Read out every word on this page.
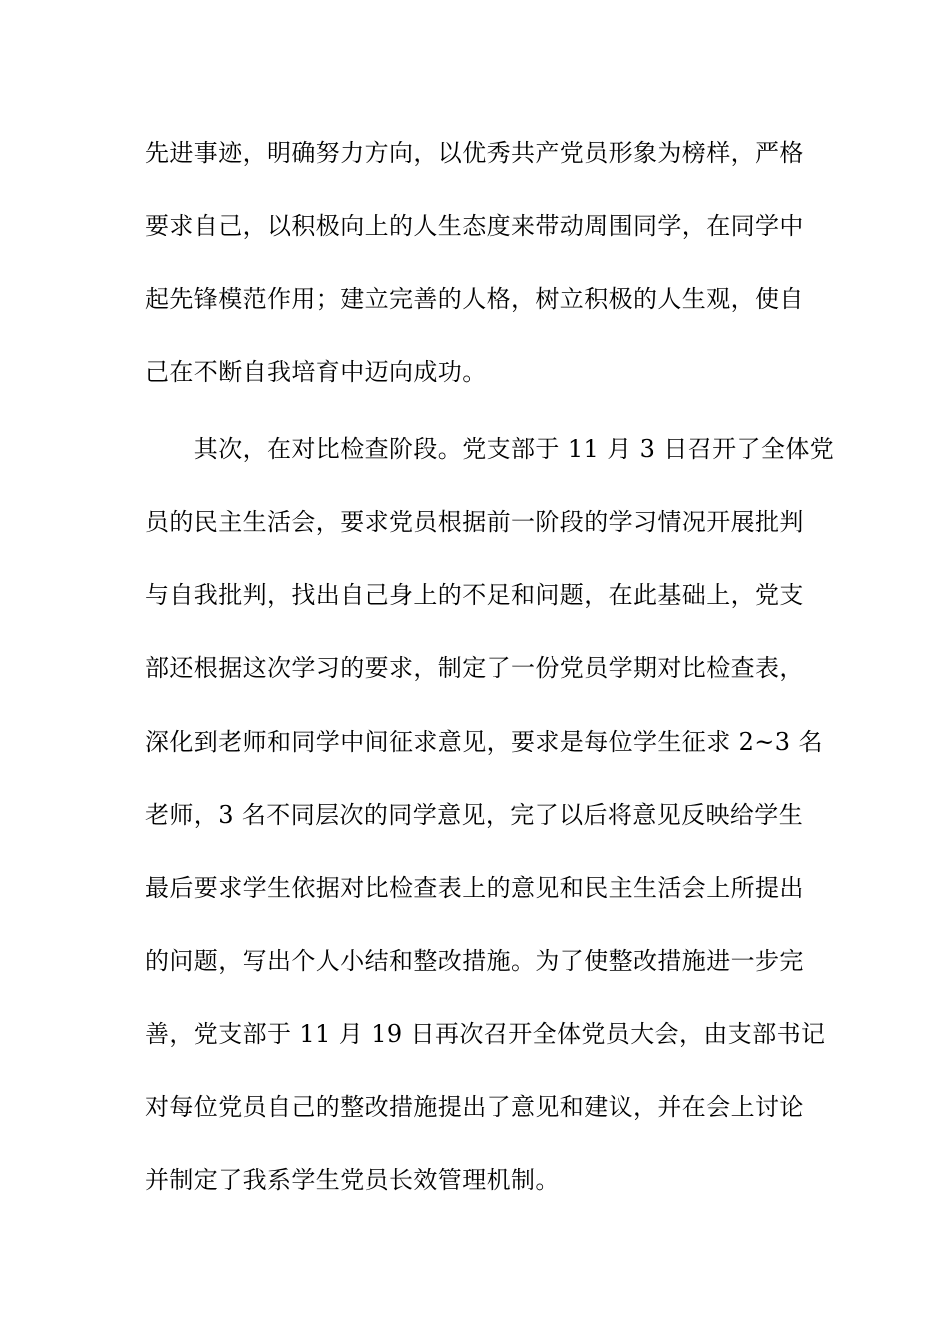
先进事迹，明确努力方向，以优秀共产党员形象为榜样，严格
要求自己，以积极向上的人生态度来带动周围同学，在同学中
起先锋模范作用；建立完善的人格，树立积极的人生观，使自
己在不断自我培育中迈向成功。
　　其次，在对比检查阶段。党支部于 11 月 3 日召开了全体党
员的民主生活会，要求党员根据前一阶段的学习情况开展批判
与自我批判，找出自己身上的不足和问题，在此基础上，党支
部还根据这次学习的要求，制定了一份党员学期对比检查表，
深化到老师和同学中间征求意见，要求是每位学生征求 2~3 名
老师，3 名不同层次的同学意见，完了以后将意见反映给学生
最后要求学生依据对比检查表上的意见和民主生活会上所提出
的问题，写出个人小结和整改措施。为了使整改措施进一步完
善，党支部于 11 月 19 日再次召开全体党员大会，由支部书记
对每位党员自己的整改措施提出了意见和建议，并在会上讨论
并制定了我系学生党员长效管理机制。
